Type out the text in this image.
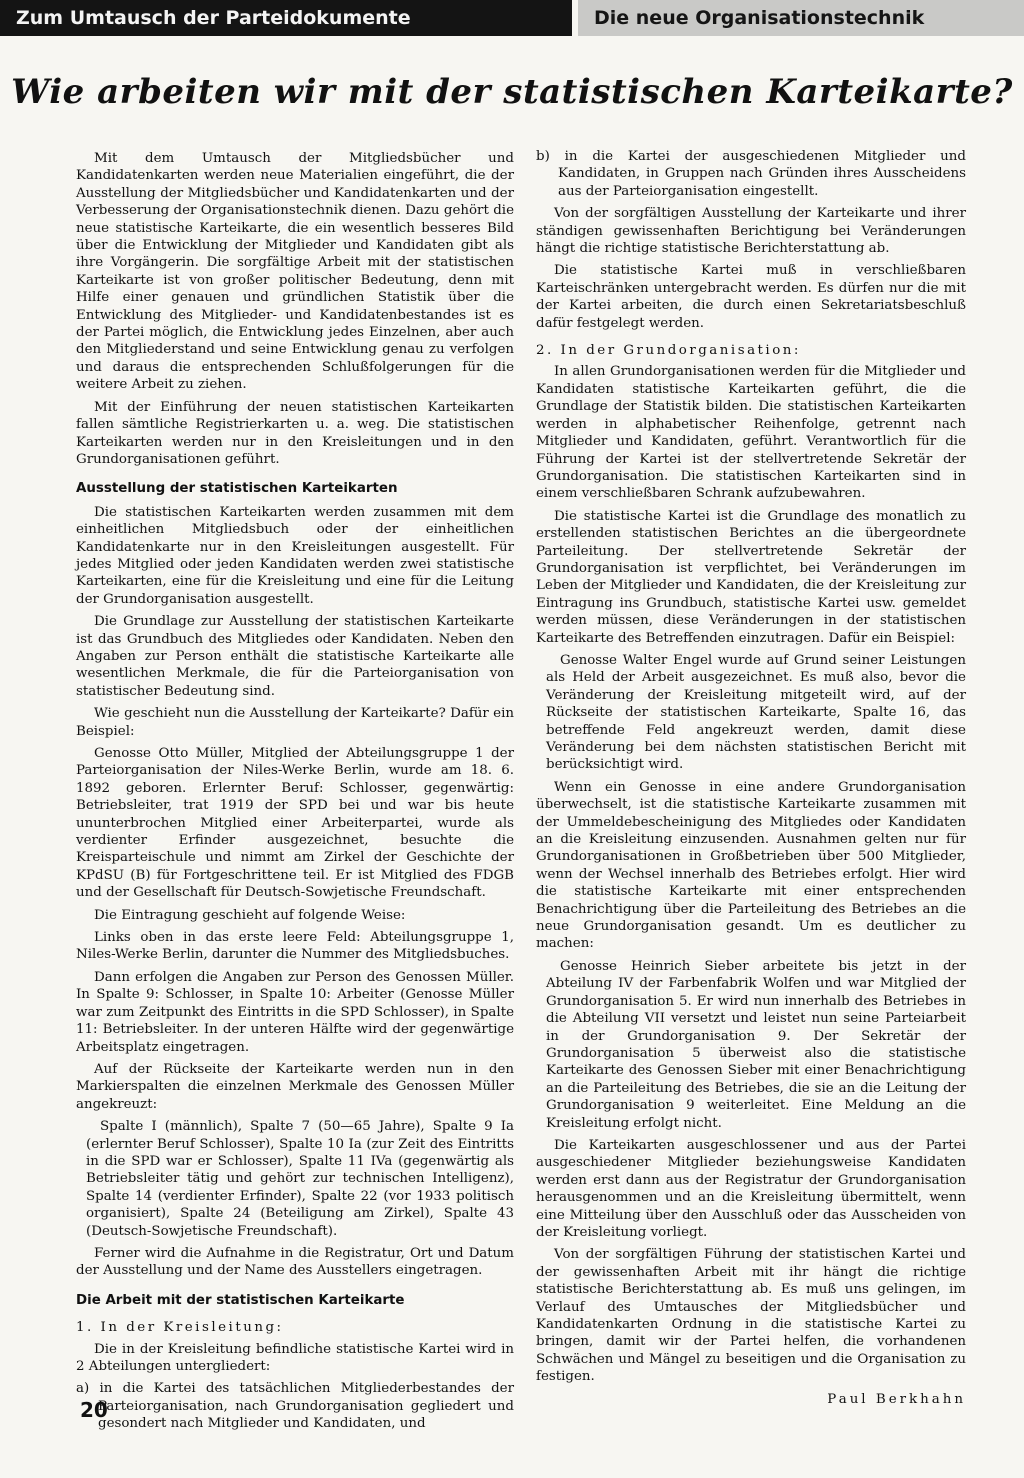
Zum Umtausch der Parteidokumente	Die neue Organisationstechnik
Wie arbeiten wir mit der statistischen Karteikarte?

Mit dem Umtausch der Mitgliedsbücher und Kandidatenkarten werden neue Materialien eingeführt, die der Ausstellung der Mitgliedsbücher und Kandidatenkarten und der Verbesserung der Organisationstechnik dienen. Dazu gehört die neue statistische Karteikarte, die ein wesentlich besseres Bild über die Entwicklung der Mitglieder und Kandidaten gibt als ihre Vorgängerin. Die sorgfältige Arbeit mit der statistischen Karteikarte ist von großer politischer Bedeutung, denn mit Hilfe einer genauen und gründlichen Statistik über die Entwicklung des Mitglieder- und Kandidatenbestandes ist es der Partei möglich, die Entwicklung jedes Einzelnen, aber auch den Mitgliederstand und seine Entwicklung genau zu verfolgen und daraus die entsprechenden Schlußfolgerungen für die weitere Arbeit zu ziehen.

Mit der Einführung der neuen statistischen Karteikarten fallen sämtliche Registrierkarten u. a. weg. Die statistischen Karteikarten werden nur in den Kreisleitungen und in den Grundorganisationen geführt.

Ausstellung der statistischen Karteikarten

Die statistischen Karteikarten werden zusammen mit dem einheitlichen Mitgliedsbuch oder der einheitlichen Kandidatenkarte nur in den Kreisleitungen ausgestellt. Für jedes Mitglied oder jeden Kandidaten werden zwei statistische Karteikarten, eine für die Kreisleitung und eine für die Leitung der Grundorganisation ausgestellt.

Die Grundlage zur Ausstellung der statistischen Karteikarte ist das Grundbuch des Mitgliedes oder Kandidaten. Neben den Angaben zur Person enthält die statistische Karteikarte alle wesentlichen Merkmale, die für die Parteiorganisation von statistischer Bedeutung sind.

Wie geschieht nun die Ausstellung der Karteikarte? Dafür ein Beispiel:

Genosse Otto Müller, Mitglied der Abteilungsgruppe 1 der Parteiorganisation der Niles-Werke Berlin, wurde am 18. 6. 1892 geboren. Erlernter Beruf: Schlosser, gegenwärtig: Betriebsleiter, trat 1919 der SPD bei und war bis heute ununterbrochen Mitglied einer Arbeiterpartei, wurde als verdienter Erfinder ausgezeichnet, besuchte die Kreisparteischule und nimmt am Zirkel der Geschichte der KPdSU (B) für Fortgeschrittene teil. Er ist Mitglied des FDGB und der Gesellschaft für Deutsch-Sowjetische Freundschaft.

Die Eintragung geschieht auf folgende Weise:

Links oben in das erste leere Feld: Abteilungsgruppe 1, Niles-Werke Berlin, darunter die Nummer des Mitgliedsbuches.

Dann erfolgen die Angaben zur Person des Genossen Müller. In Spalte 9: Schlosser, in Spalte 10: Arbeiter (Genosse Müller war zum Zeitpunkt des Eintritts in die SPD Schlosser), in Spalte 11: Betriebsleiter. In der unteren Hälfte wird der gegenwärtige Arbeitsplatz eingetragen.

Auf der Rückseite der Karteikarte werden nun in den Markierspalten die einzelnen Merkmale des Genossen Müller angekreuzt:

Spalte I (männlich), Spalte 7 (50—65 Jahre), Spalte 9 Ia (erlernter Beruf Schlosser), Spalte 10 Ia (zur Zeit des Eintritts in die SPD war er Schlosser), Spalte 11 IVa (gegenwärtig als Betriebsleiter tätig und gehört zur technischen Intelligenz), Spalte 14 (verdienter Erfinder), Spalte 22 (vor 1933 politisch organisiert), Spalte 24 (Beteiligung am Zirkel), Spalte 43 (Deutsch-Sowjetische Freundschaft).

Ferner wird die Aufnahme in die Registratur, Ort und Datum der Ausstellung und der Name des Ausstellers eingetragen.

Die Arbeit mit der statistischen Karteikarte

1. In der Kreisleitung:

Die in der Kreisleitung befindliche statistische Kartei wird in 2 Abteilungen untergliedert:

a) in die Kartei des tatsächlichen Mitgliederbestandes der Parteiorganisation, nach Grundorganisation gegliedert und gesondert nach Mitglieder und Kandidaten, und

b) in die Kartei der ausgeschiedenen Mitglieder und Kandidaten, in Gruppen nach Gründen ihres Ausscheidens aus der Parteiorganisation eingestellt.

Von der sorgfältigen Ausstellung der Karteikarte und ihrer ständigen gewissenhaften Berichtigung bei Veränderungen hängt die richtige statistische Berichterstattung ab.

Die statistische Kartei muß in verschließbaren Karteischränken untergebracht werden. Es dürfen nur die mit der Kartei arbeiten, die durch einen Sekretariatsbeschluß dafür festgelegt werden.

2. In der Grundorganisation:

In allen Grundorganisationen werden für die Mitglieder und Kandidaten statistische Karteikarten geführt, die die Grundlage der Statistik bilden. Die statistischen Karteikarten werden in alphabetischer Reihenfolge, getrennt nach Mitglieder und Kandidaten, geführt. Verantwortlich für die Führung der Kartei ist der stellvertretende Sekretär der Grundorganisation. Die statistischen Karteikarten sind in einem verschließbaren Schrank aufzubewahren.

Die statistische Kartei ist die Grundlage des monatlich zu erstellenden statistischen Berichtes an die übergeordnete Parteileitung. Der stellvertretende Sekretär der Grundorganisation ist verpflichtet, bei Veränderungen im Leben der Mitglieder und Kandidaten, die der Kreisleitung zur Eintragung ins Grundbuch, statistische Kartei usw. gemeldet werden müssen, diese Veränderungen in der statistischen Karteikarte des Betreffenden einzutragen. Dafür ein Beispiel:

Genosse Walter Engel wurde auf Grund seiner Leistungen als Held der Arbeit ausgezeichnet. Es muß also, bevor die Veränderung der Kreisleitung mitgeteilt wird, auf der Rückseite der statistischen Karteikarte, Spalte 16, das betreffende Feld angekreuzt werden, damit diese Veränderung bei dem nächsten statistischen Bericht mit berücksichtigt wird.

Wenn ein Genosse in eine andere Grundorganisation überwechselt, ist die statistische Karteikarte zusammen mit der Ummeldebescheinigung des Mitgliedes oder Kandidaten an die Kreisleitung einzusenden. Ausnahmen gelten nur für Grundorganisationen in Großbetrieben über 500 Mitglieder, wenn der Wechsel innerhalb des Betriebes erfolgt. Hier wird die statistische Karteikarte mit einer entsprechenden Benachrichtigung über die Parteileitung des Betriebes an die neue Grundorganisation gesandt. Um es deutlicher zu machen:

Genosse Heinrich Sieber arbeitete bis jetzt in der Abteilung IV der Farbenfabrik Wolfen und war Mitglied der Grundorganisation 5. Er wird nun innerhalb des Betriebes in die Abteilung VII versetzt und leistet nun seine Parteiarbeit in der Grundorganisation 9. Der Sekretär der Grundorganisation 5 überweist also die statistische Karteikarte des Genossen Sieber mit einer Benachrichtigung an die Parteileitung des Betriebes, die sie an die Leitung der Grundorganisation 9 weiterleitet. Eine Meldung an die Kreisleitung erfolgt nicht.

Die Karteikarten ausgeschlossener und aus der Partei ausgeschiedener Mitglieder beziehungsweise Kandidaten werden erst dann aus der Registratur der Grundorganisation herausgenommen und an die Kreisleitung übermittelt, wenn eine Mitteilung über den Ausschluß oder das Ausscheiden von der Kreisleitung vorliegt.

Von der sorgfältigen Führung der statistischen Kartei und der gewissenhaften Arbeit mit ihr hängt die richtige statistische Berichterstattung ab. Es muß uns gelingen, im Verlauf des Umtausches der Mitgliedsbücher und Kandidatenkarten Ordnung in die statistische Kartei zu bringen, damit wir der Partei helfen, die vorhandenen Schwächen und Mängel zu beseitigen und die Organisation zu festigen.

Paul Berkhahn

20
